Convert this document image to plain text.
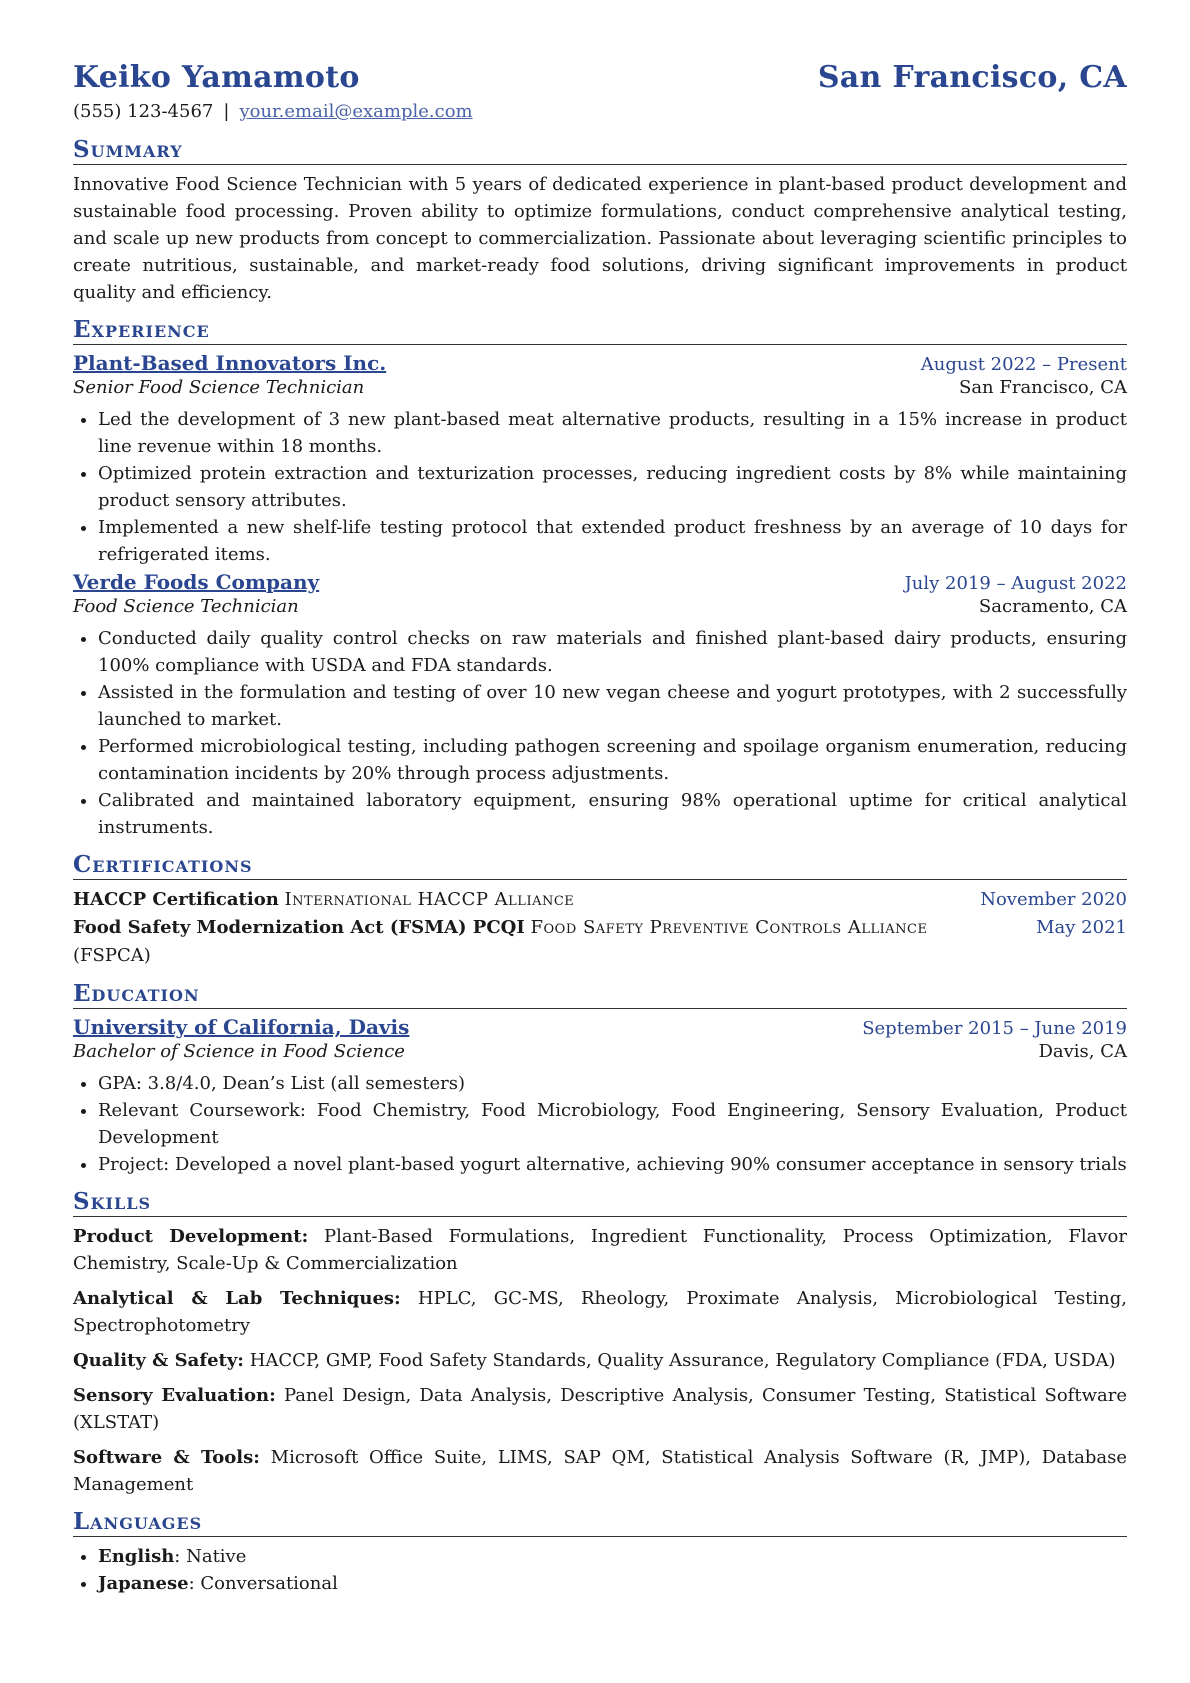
Keiko Yamamoto	San Francisco, CA
(555) 123-4567 | your.email@example.com
Summary
Innovative Food Science Technician with 5 years of dedicated experience in plant-based product development and sustainable food processing. Proven ability to optimize formulations, conduct comprehensive analytical testing, and scale up new products from concept to commercialization. Passionate about leveraging scientific principles to create nutritious, sustainable, and market-ready food solutions, driving significant improvements in product quality and efficiency.
Experience
Plant-Based Innovators Inc.	August 2022 – Present
Senior Food Science Technician	San Francisco, CA
• Led the development of 3 new plant-based meat alternative products, resulting in a 15% increase in product line revenue within 18 months.
• Optimized protein extraction and texturization processes, reducing ingredient costs by 8% while maintaining product sensory attributes.
• Implemented a new shelf-life testing protocol that extended product freshness by an average of 10 days for refrigerated items.
Verde Foods Company	July 2019 – August 2022
Food Science Technician	Sacramento, CA
• Conducted daily quality control checks on raw materials and finished plant-based dairy products, ensuring 100% compliance with USDA and FDA standards.
• Assisted in the formulation and testing of over 10 new vegan cheese and yogurt prototypes, with 2 successfully launched to market.
• Performed microbiological testing, including pathogen screening and spoilage organism enumeration, reducing contamination incidents by 20% through process adjustments.
• Calibrated and maintained laboratory equipment, ensuring 98% operational uptime for critical analytical instruments.
Certifications
HACCP Certification International HACCP Alliance	November 2020
Food Safety Modernization Act (FSMA) PCQI Food Safety Preventive Controls Alliance	May 2021
(FSPCA)
Education
University of California, Davis	September 2015 – June 2019
Bachelor of Science in Food Science	Davis, CA
• GPA: 3.8/4.0, Dean’s List (all semesters)
• Relevant Coursework: Food Chemistry, Food Microbiology, Food Engineering, Sensory Evaluation, Product Development
• Project: Developed a novel plant-based yogurt alternative, achieving 90% consumer acceptance in sensory trials
Skills
Product Development: Plant-Based Formulations, Ingredient Functionality, Process Optimization, Flavor Chemistry, Scale-Up & Commercialization
Analytical & Lab Techniques: HPLC, GC-MS, Rheology, Proximate Analysis, Microbiological Testing, Spectrophotometry
Quality & Safety: HACCP, GMP, Food Safety Standards, Quality Assurance, Regulatory Compliance (FDA, USDA)
Sensory Evaluation: Panel Design, Data Analysis, Descriptive Analysis, Consumer Testing, Statistical Software (XLSTAT)
Software & Tools: Microsoft Office Suite, LIMS, SAP QM, Statistical Analysis Software (R, JMP), Database Management
Languages
• English: Native
• Japanese: Conversational
